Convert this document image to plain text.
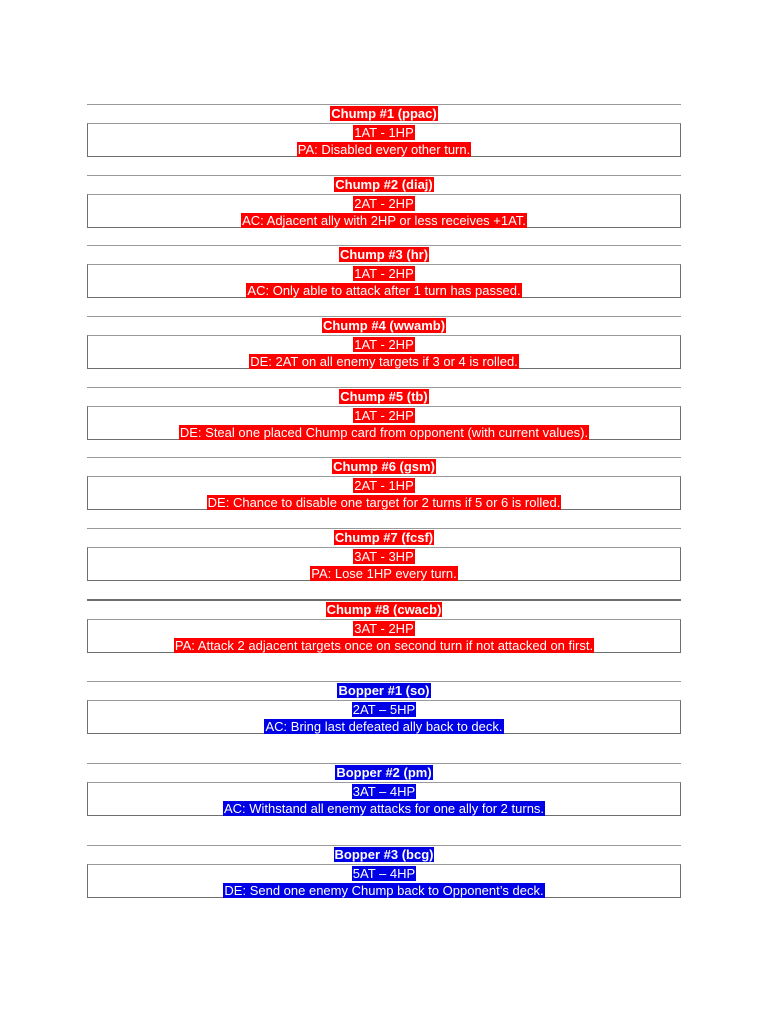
Chump #1 (ppac)
1AT - 1HP
PA: Disabled every other turn.
Chump #2 (diaj)
2AT - 2HP
AC: Adjacent ally with 2HP or less receives +1AT.
Chump #3 (hr)
1AT - 2HP
AC: Only able to attack after 1 turn has passed.
Chump #4 (wwamb)
1AT - 2HP
DE: 2AT on all enemy targets if 3 or 4 is rolled.
Chump #5 (tb)
1AT - 2HP
DE: Steal one placed Chump card from opponent (with current values).
Chump #6 (gsm)
2AT - 1HP
DE: Chance to disable one target for 2 turns if 5 or 6 is rolled.
Chump #7 (fcsf)
3AT - 3HP
PA: Lose 1HP every turn.
Chump #8 (cwacb)
3AT - 2HP
PA: Attack 2 adjacent targets once on second turn if not attacked on first.
Bopper #1 (so)
2AT – 5HP
AC: Bring last defeated ally back to deck.
Bopper #2 (pm)
3AT – 4HP
AC: Withstand all enemy attacks for one ally for 2 turns.
Bopper #3 (bcg)
5AT – 4HP
DE: Send one enemy Chump back to Opponent’s deck.
